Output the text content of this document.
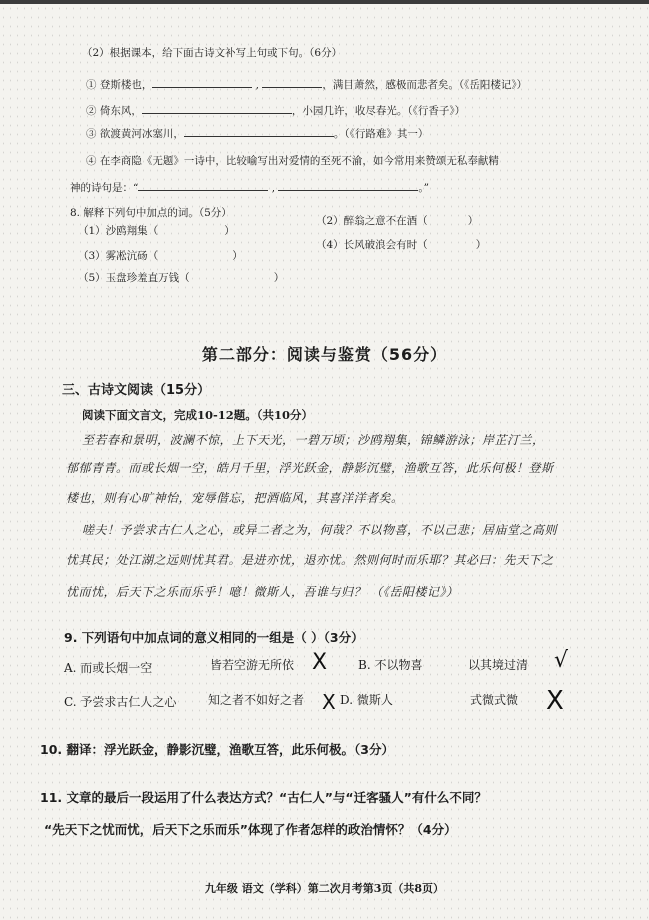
（2）根据课本，给下面古诗文补写上句或下句。（6分）
① 登斯楼也，	,	，满目萧然，感极而悲者矣。（《岳阳楼记》）
② 倚东风，	，小园几许，收尽春光。（《行香子》）
③ 欲渡黄河冰塞川，	。（《行路难》其一）
④ 在李商隐《无题》一诗中，比较喻写出对爱情的至死不渝，如今常用来赞颂无私奉献精
神的诗句是：“	,	。”
8. 解释下列句中加点的词。（5分）
（1）沙鸥翔集（	）
（2）醉翁之意不在酒（	）
（3）雾凇沆砀（	）
（4）长风破浪会有时（	）
（5）玉盘珍羞直万钱（	）
第二部分：阅读与鉴赏（56分）
三、古诗文阅读（15分）
阅读下面文言文，完成10-12题。（共10分）
至若春和景明，波澜不惊，上下天光，一碧万顷；沙鸥翔集，锦鳞游泳；岸芷汀兰，
郁郁青青。而或长烟一空，皓月千里，浮光跃金，静影沉璧，渔歌互答，此乐何极！登斯
楼也，则有心旷神怡，宠辱偕忘，把酒临风，其喜洋洋者矣。
嗟夫！予尝求古仁人之心，或异二者之为，何哉？不以物喜，不以己悲；居庙堂之高则
忧其民；处江湖之远则忧其君。是进亦忧，退亦忧。然则何时而乐耶？其必曰：先天下之
忧而忧，后天下之乐而乐乎！噫！微斯人，吾谁与归？ （《岳阳楼记》）
9. 下列语句中加点词的意义相同的一组是（ ）（3分）
A. 而或长烟一空	皆若空游无所依 X	B. 不以物喜	以其境过清 √
C. 予尝求古仁人之心	知之者不如好之者 X D. 微斯人	式微式微 X
10. 翻译：浮光跃金，静影沉璧，渔歌互答，此乐何极。（3分）
11. 文章的最后一段运用了什么表达方式？“古仁人”与“迁客骚人”有什么不同？
“先天下之忧而忧，后天下之乐而乐”体现了作者怎样的政治情怀？（4分）
九年级 语文（学科）第二次月考第3页（共8页）
